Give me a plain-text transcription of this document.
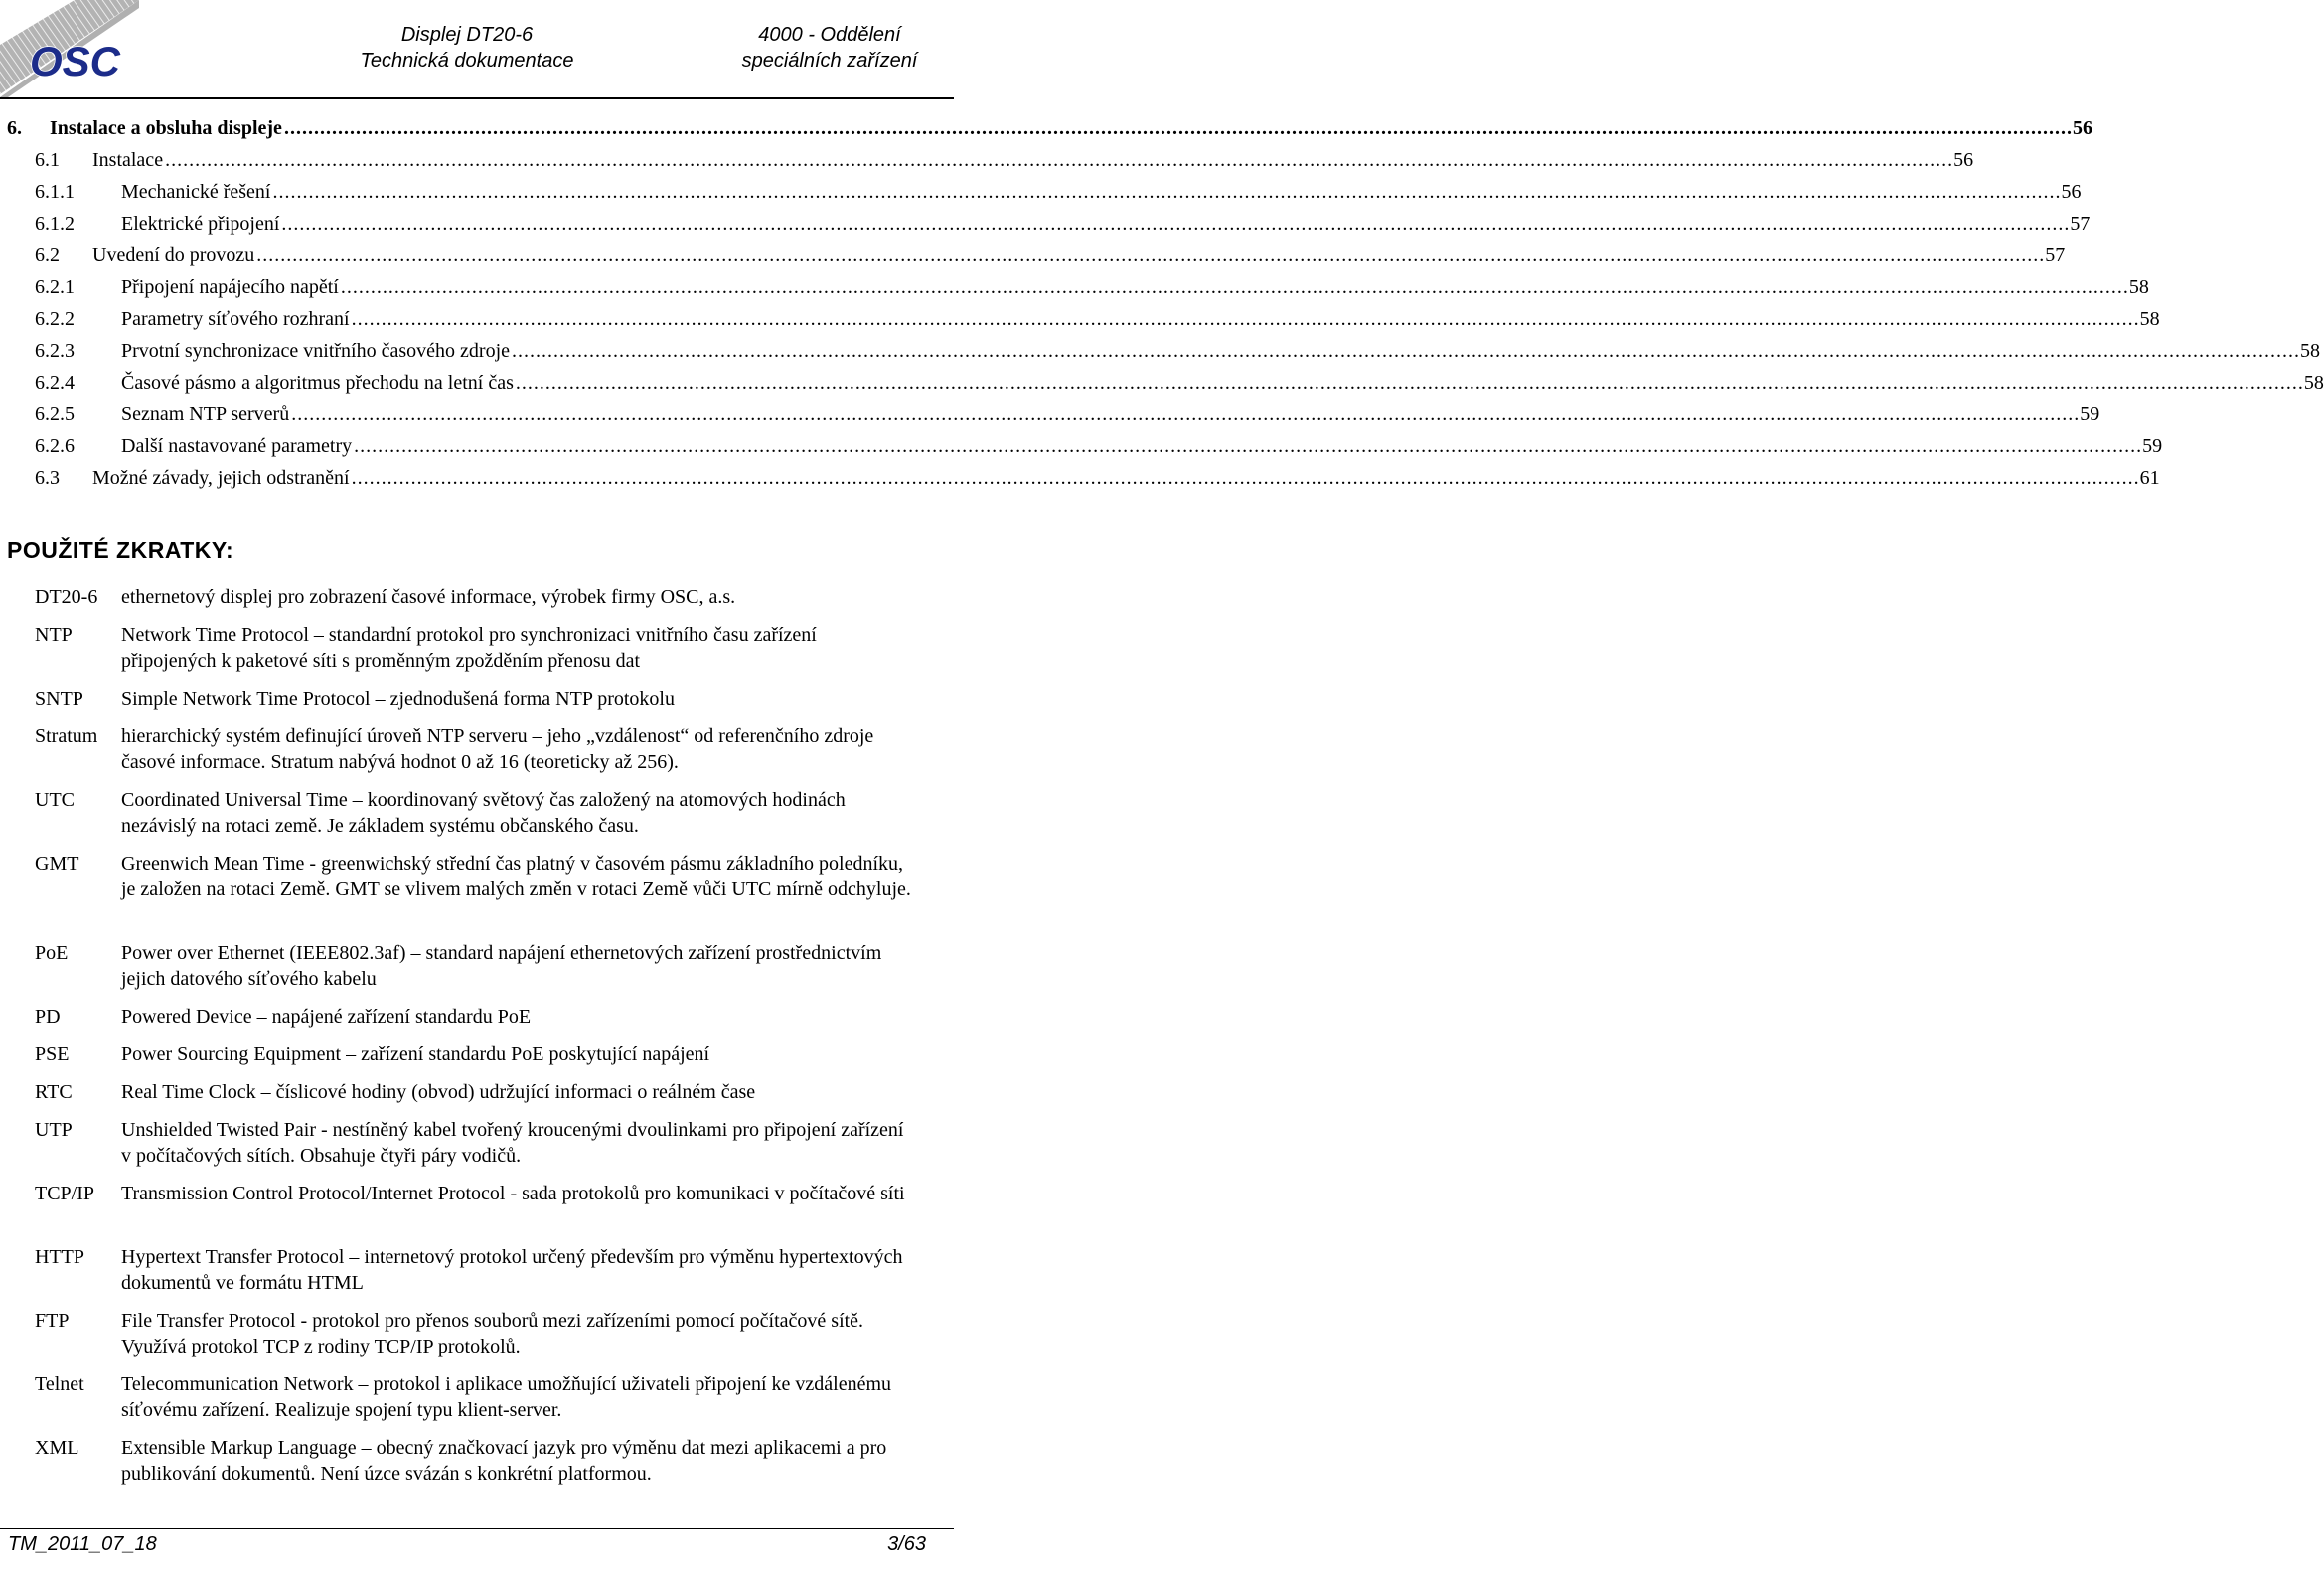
OSC
Displej DT20-6
Technická dokumentace
4000 - Oddělení
speciálních zařízení
6. Instalace a obsluha displeje ............................................................................................................................................................................................................................................................................................................ 56
6.1 Instalace ............................................................................................................................................................................................................................................................................................................ 56
6.1.1 Mechanické řešení ............................................................................................................................................................................................................................................................................................................ 56
6.1.2 Elektrické připojení ............................................................................................................................................................................................................................................................................................................ 57
6.2 Uvedení do provozu ............................................................................................................................................................................................................................................................................................................ 57
6.2.1 Připojení napájecího napětí ............................................................................................................................................................................................................................................................................................................ 58
6.2.2 Parametry síťového rozhraní ............................................................................................................................................................................................................................................................................................................ 58
6.2.3 Prvotní synchronizace vnitřního časového zdroje ............................................................................................................................................................................................................................................................................................................ 58
6.2.4 Časové pásmo a algoritmus přechodu na letní čas ............................................................................................................................................................................................................................................................................................................ 58
6.2.5 Seznam NTP serverů ............................................................................................................................................................................................................................................................................................................ 59
6.2.6 Další nastavované parametry ............................................................................................................................................................................................................................................................................................................ 59
6.3 Možné závady, jejich odstranění ............................................................................................................................................................................................................................................................................................................ 61
POUŽITÉ ZKRATKY:
DT20-6 ethernetový displej pro zobrazení časové informace, výrobek firmy OSC, a.s.
NTP Network Time Protocol – standardní protokol pro synchronizaci vnitřního času zařízení připojených k paketové síti s proměnným zpožděním přenosu dat
SNTP Simple Network Time Protocol – zjednodušená forma NTP protokolu
Stratum hierarchický systém definující úroveň NTP serveru – jeho „vzdálenost“ od referenčního zdroje časové informace. Stratum nabývá hodnot 0 až 16 (teoreticky až 256).
UTC Coordinated Universal Time – koordinovaný světový čas založený na atomových hodinách nezávislý na rotaci země. Je základem systému občanského času.
GMT Greenwich Mean Time - greenwichský střední čas platný v časovém pásmu základního poledníku, je založen na rotaci Země. GMT se vlivem malých změn v rotaci Země vůči UTC mírně odchyluje.
PoE	Power over Ethernet (IEEE802.3af) – standard napájení ethernetových zařízení prostřednictvím jejich datového síťového kabelu
PD	Powered Device – napájené zařízení standardu PoE
PSE	Power Sourcing Equipment – zařízení standardu PoE poskytující napájení
RTC Real Time Clock – číslicové hodiny (obvod) udržující informaci o reálném čase
UTP Unshielded Twisted Pair - nestíněný kabel tvořený kroucenými dvoulinkami pro připojení zařízení v počítačových sítích. Obsahuje čtyři páry vodičů.
TCP/IP Transmission Control Protocol/Internet Protocol - sada protokolů pro komunikaci v počítačové síti
HTTP Hypertext Transfer Protocol – internetový protokol určený především pro výměnu hypertextových dokumentů ve formátu HTML
FTP	File Transfer Protocol - protokol pro přenos souborů mezi zařízeními pomocí počítačové sítě. Využívá protokol TCP z rodiny TCP/IP protokolů.
Telnet Telecommunication Network – protokol i aplikace umožňující uživateli připojení ke vzdálenému síťovému zařízení. Realizuje spojení typu klient-server.
XML Extensible Markup Language – obecný značkovací jazyk pro výměnu dat mezi aplikacemi a pro publikování dokumentů. Není úzce svázán s konkrétní platformou.
TM_2011_07_18	3/63
